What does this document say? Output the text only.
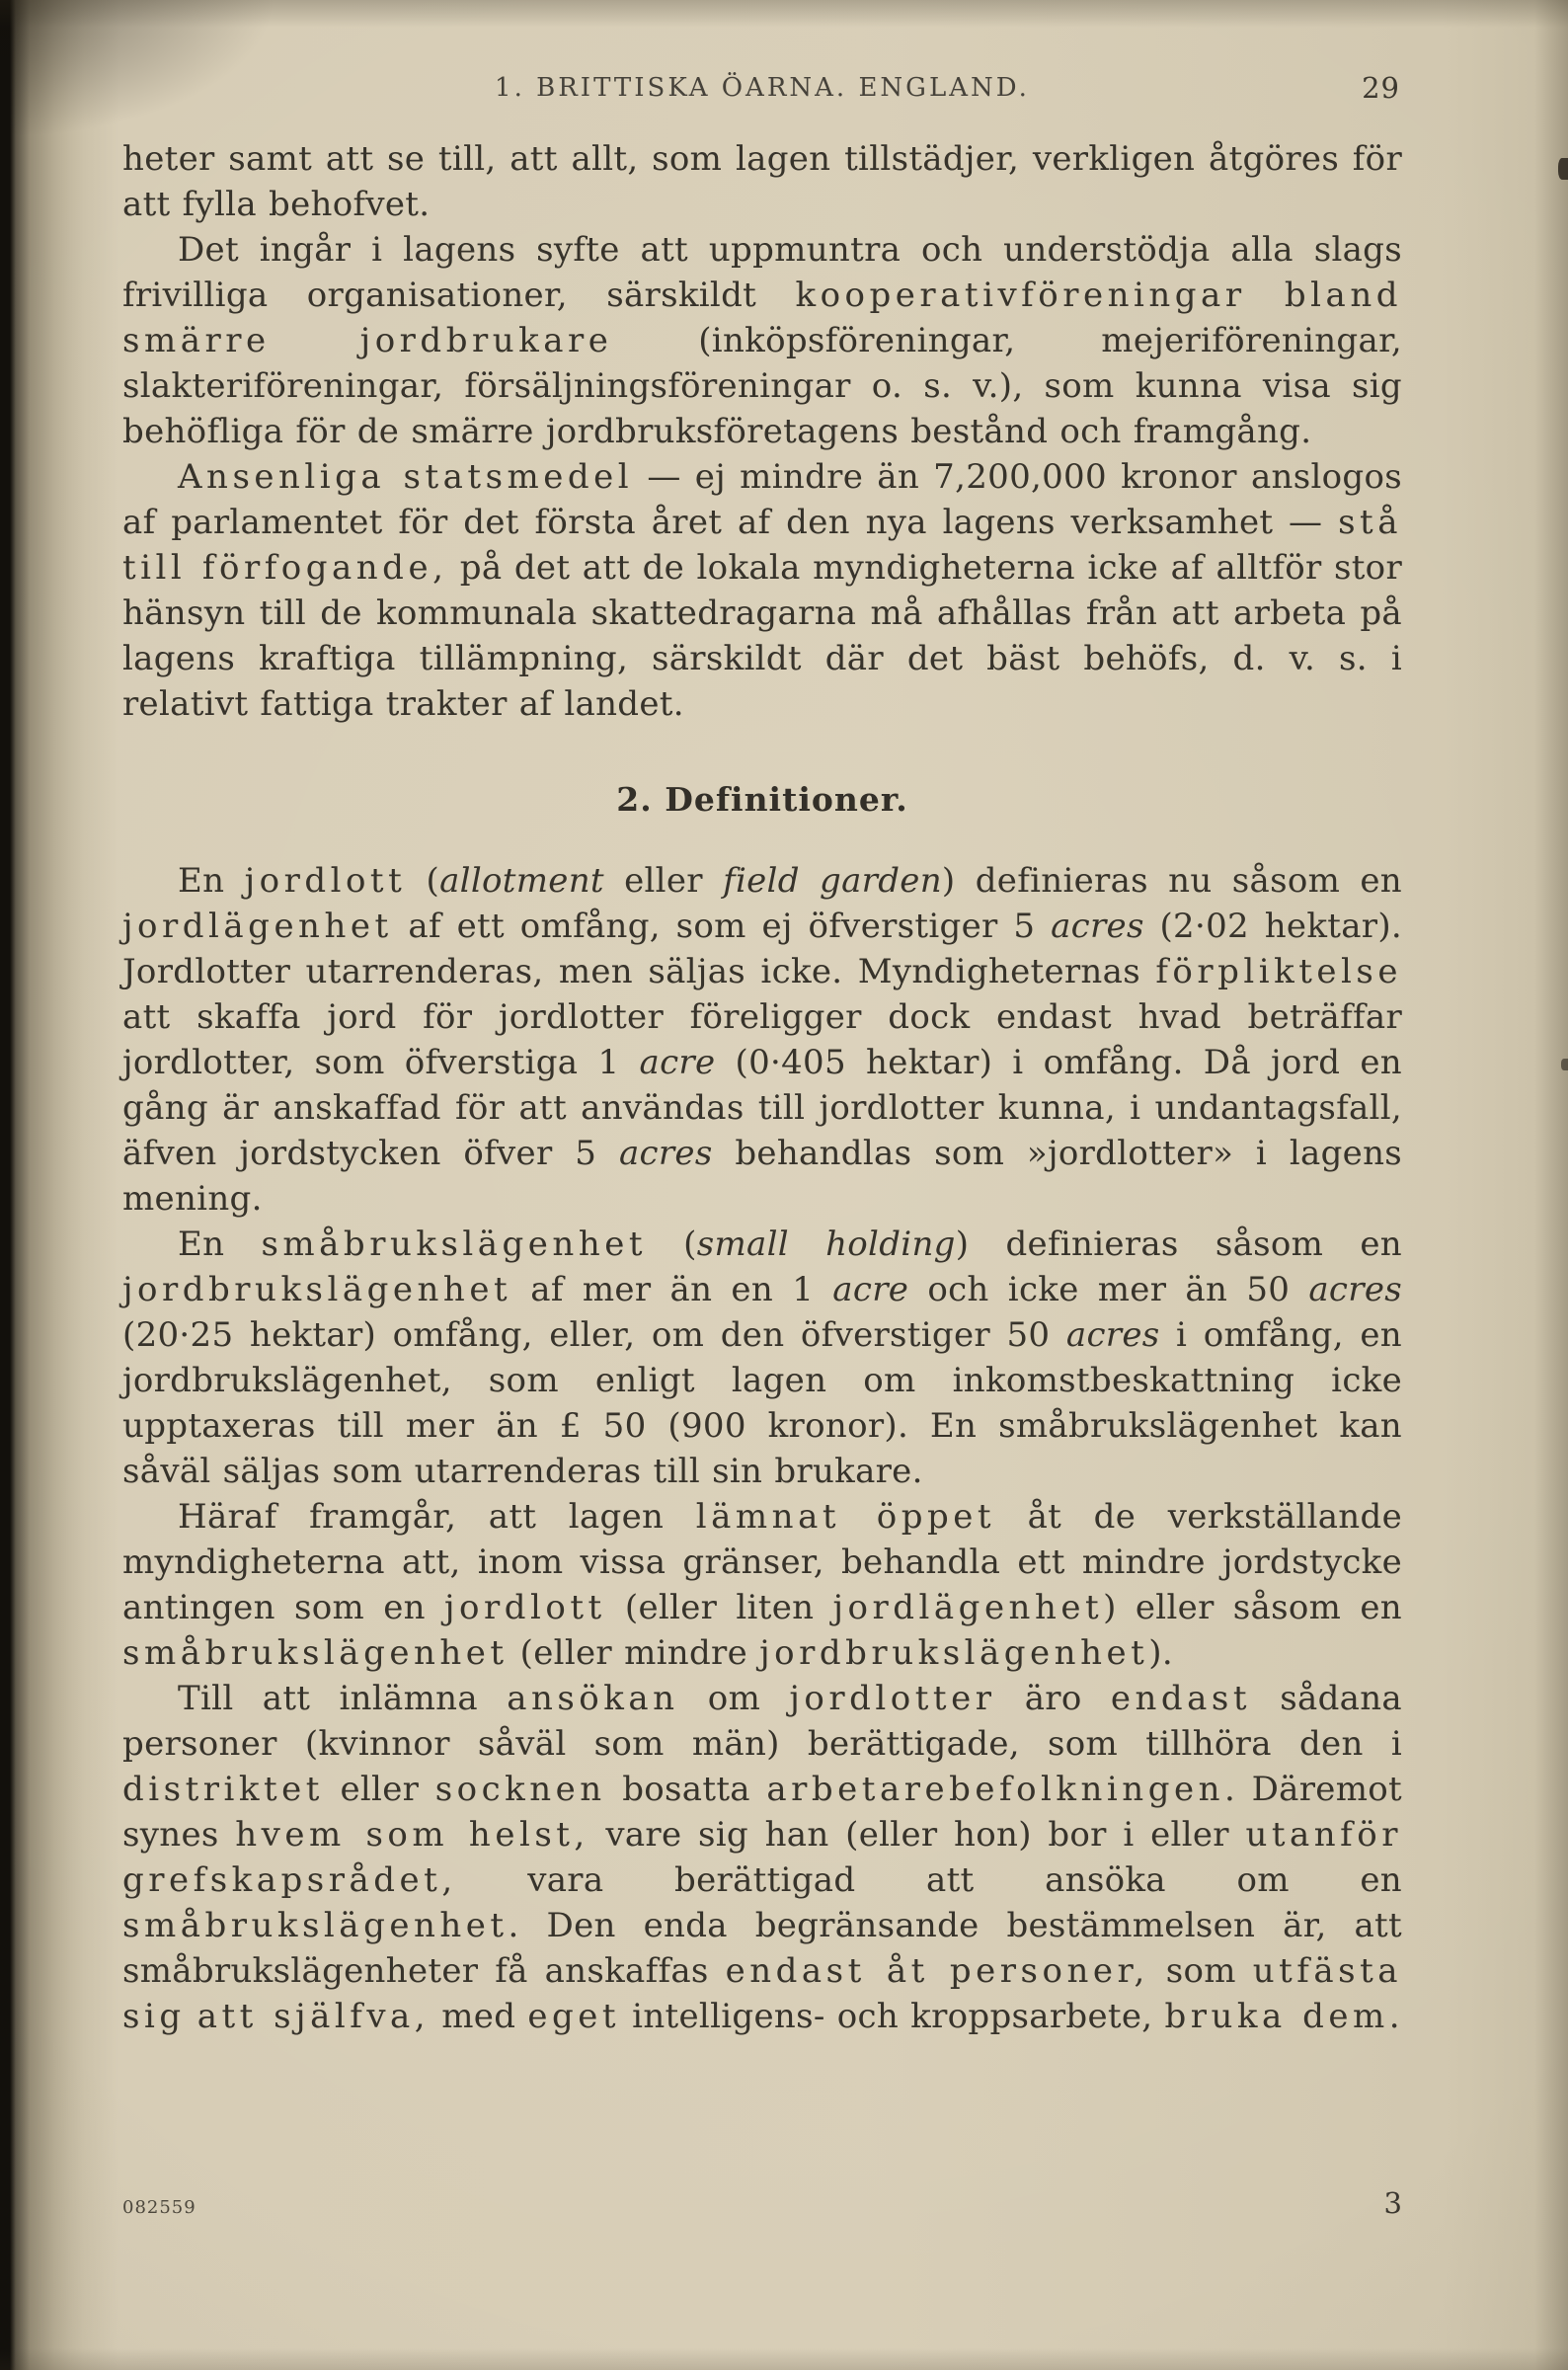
1. BRITTISKA ÖARNA. ENGLAND.	29

heter samt att se till, att allt, som lagen tillstädjer, verkligen åtgöres för att fylla behofvet.

Det ingår i lagens syfte att uppmuntra och understödja alla slags frivilliga organisationer, särskildt kooperativföreningar bland smärre jordbrukare (inköpsföreningar, mejeriföreningar, slakteriföreningar, försäljningsföreningar o. s. v.), som kunna visa sig behöfliga för de smärre jordbruksföretagens bestånd och framgång.

Ansenliga statsmedel — ej mindre än 7,200,000 kronor anslogos af parlamentet för det första året af den nya lagens verksamhet — stå till förfogande, på det att de lokala myndigheterna icke af alltför stor hänsyn till de kommunala skattedragarna må afhållas från att arbeta på lagens kraftiga tillämpning, särskildt där det bäst behöfs, d. v. s. i relativt fattiga trakter af landet.

2. Definitioner.

En jordlott (allotment eller field garden) definieras nu såsom en jordlägenhet af ett omfång, som ej öfverstiger 5 acres (2·02 hektar). Jordlotter utarrenderas, men säljas icke. Myndigheternas förpliktelse att skaffa jord för jordlotter föreligger dock endast hvad beträffar jordlotter, som öfverstiga 1 acre (0·405 hektar) i omfång. Då jord en gång är anskaffad för att användas till jordlotter kunna, i undantagsfall, äfven jordstycken öfver 5 acres behandlas som »jordlotter» i lagens mening.

En småbrukslägenhet (small holding) definieras såsom en jordbrukslägenhet af mer än en 1 acre och icke mer än 50 acres (20·25 hektar) omfång, eller, om den öfverstiger 50 acres i omfång, en jordbrukslägenhet, som enligt lagen om inkomstbeskattning icke upptaxeras till mer än £ 50 (900 kronor). En småbrukslägenhet kan såväl säljas som utarrenderas till sin brukare.

Häraf framgår, att lagen lämnat öppet åt de verkställande myndigheterna att, inom vissa gränser, behandla ett mindre jordstycke antingen som en jordlott (eller liten jordlägenhet) eller såsom en småbrukslägenhet (eller mindre jordbrukslägenhet).

Till att inlämna ansökan om jordlotter äro endast sådana personer (kvinnor såväl som män) berättigade, som tillhöra den i distriktet eller socknen bosatta arbetarebefolkningen. Däremot synes hvem som helst, vare sig han (eller hon) bor i eller utanför grefskapsrådet, vara berättigad att ansöka om en småbrukslägenhet. Den enda begränsande bestämmelsen är, att småbrukslägenheter få anskaffas endast åt personer, som utfästa sig att själfva, med eget intelligens- och kroppsarbete, bruka dem.

082559	3
